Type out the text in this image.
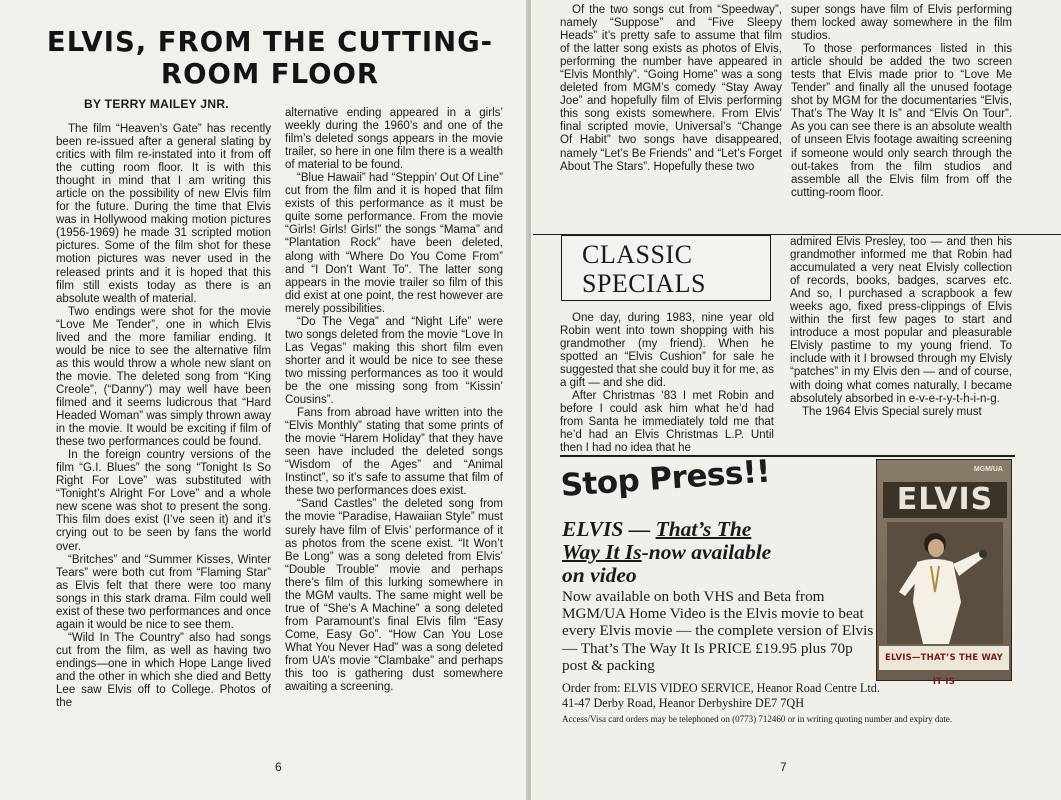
ELVIS, FROM THE CUTTING-
ROOM FLOOR
BY TERRY MAILEY JNR.

The film “Heaven’s Gate” has recently been re-issued after a general slating by critics with film re-instated into it from off the cutting room floor. It is with this thought in mind that I am writing this article on the possibility of new Elvis film for the future. During the time that Elvis was in Hollywood making motion pictures (1956-1969) he made 31 scripted motion pictures. Some of the film shot for these motion pictures was never used in the released prints and it is hoped that this film still exists today as there is an absolute wealth of material.

Two endings were shot for the movie “Love Me Tender”, one in which Elvis lived and the more familiar ending. It would be nice to see the alternative film as this would throw a whole new slant on the movie. The deleted song from “King Creole”, (“Danny”) may well have been filmed and it seems ludicrous that “Hard Headed Woman” was simply thrown away in the movie. It would be exciting if film of these two performances could be found.

In the foreign country versions of the film “G.I. Blues” the song “Tonight Is So Right For Love” was substituted with “Tonight’s Alright For Love” and a whole new scene was shot to present the song. This film does exist (I’ve seen it) and it’s crying out to be seen by fans the world over.

“Britches” and “Summer Kisses, Winter Tears” were both cut from “Flaming Star” as Elvis felt that there were too many songs in this stark drama. Film could well exist of these two performances and once again it would be nice to see them.

“Wild In The Country” also had songs cut from the film, as well as having two endings—one in which Hope Lange lived and the other in which she died and Betty Lee saw Elvis off to College. Photos of the

alternative ending appeared in a girls’ weekly during the 1960’s and one of the film’s deleted songs appears in the movie trailer, so here in one film there is a wealth of material to be found.

“Blue Hawaii” had “Steppin’ Out Of Line” cut from the film and it is hoped that film exists of this performance as it must be quite some performance. From the movie “Girls! Girls! Girls!” the songs “Mama” and “Plantation Rock” have been deleted, along with “Where Do You Come From” and “I Don’t Want To”. The latter song appears in the movie trailer so film of this did exist at one point, the rest however are merely possibilities.

“Do The Vega” and “Night Life” were two songs deleted from the movie “Love In Las Vegas” making this short film even shorter and it would be nice to see these two missing performances as too it would be the one missing song from “Kissin’ Cousins”.

Fans from abroad have written into the “Elvis Monthly” stating that some prints of the movie “Harem Holiday” that they have seen have included the deleted songs “Wisdom of the Ages” and “Animal Instinct”, so it’s safe to assume that film of these two performances does exist.

“Sand Castles” the deleted song from the movie “Paradise, Hawaiian Style” must surely have film of Elvis’ performance of it as photos from the scene exist. “It Won’t Be Long” was a song deleted from Elvis’ “Double Trouble” movie and perhaps there’s film of this lurking somewhere in the MGM vaults. The same might well be true of “She’s A Machine” a song deleted from Paramount’s final Elvis film “Easy Come, Easy Go”. “How Can You Lose What You Never Had” was a song deleted from UA’s movie “Clambake” and perhaps this too is gathering dust somewhere awaiting a screening.

6

Of the two songs cut from “Speedway”, namely “Suppose” and “Five Sleepy Heads” it’s pretty safe to assume that film of the latter song exists as photos of Elvis, performing the number have appeared in “Elvis Monthly”. “Going Home” was a song deleted from MGM’s comedy “Stay Away Joe” and hopefully film of Elvis performing this song exists somewhere. From Elvis’ final scripted movie, Universal’s “Change Of Habit” two songs have disappeared, namely “Let’s Be Friends” and “Let’s Forget About The Stars”. Hopefully these two

super songs have film of Elvis performing them locked away somewhere in the film studios.

To those performances listed in this article should be added the two screen tests that Elvis made prior to “Love Me Tender” and finally all the unused footage shot by MGM for the documentaries “Elvis, That’s The Way It Is” and “Elvis On Tour”. As you can see there is an absolute wealth of unseen Elvis footage awaiting screening if someone would only search through the out-takes from the film studios and assemble all the Elvis film from off the cutting-room floor.

CLASSIC
SPECIALS

One day, during 1983, nine year old Robin went into town shopping with his grandmother (my friend). When he spotted an “Elvis Cushion” for sale he suggested that she could buy it for me, as a gift — and she did.

After Christmas ’83 I met Robin and before I could ask him what he’d had from Santa he immediately told me that he’d had an Elvis Christmas L.P. Until then I had no idea that he

admired Elvis Presley, too — and then his grandmother informed me that Robin had accumulated a very neat Elvisly collection of records, books, badges, scarves etc. And so, I purchased a scrapbook a few weeks ago, fixed press-clippings of Elvis within the first few pages to start and introduce a most popular and pleasurable Elvisly pastime to my young friend. To include with it I browsed through my Elvisly “patches” in my Elvis den — and of course, with doing what comes naturally, I became absolutely absorbed in e-v-e-r-y-t-h-i-n-g.

The 1964 Elvis Special surely must

Stop Press!!
ELVIS — That’s The
Way It Is-now available
on video
Now available on both VHS and Beta from MGM/UA Home Video is the Elvis movie to beat every Elvis movie — the complete version of Elvis — That’s The Way It Is PRICE £19.95 plus 70p post & packing
Order from: ELVIS VIDEO SERVICE, Heanor Road Centre Ltd.
41-47 Derby Road, Heanor Derbyshire DE7 7QH
Access/Visa card orders may be telephoned on (0773) 712460 or in writing quoting number and expiry date.
MGM/UA
ELVIS
ELVIS—THAT’S THE WAY IT IS
7
